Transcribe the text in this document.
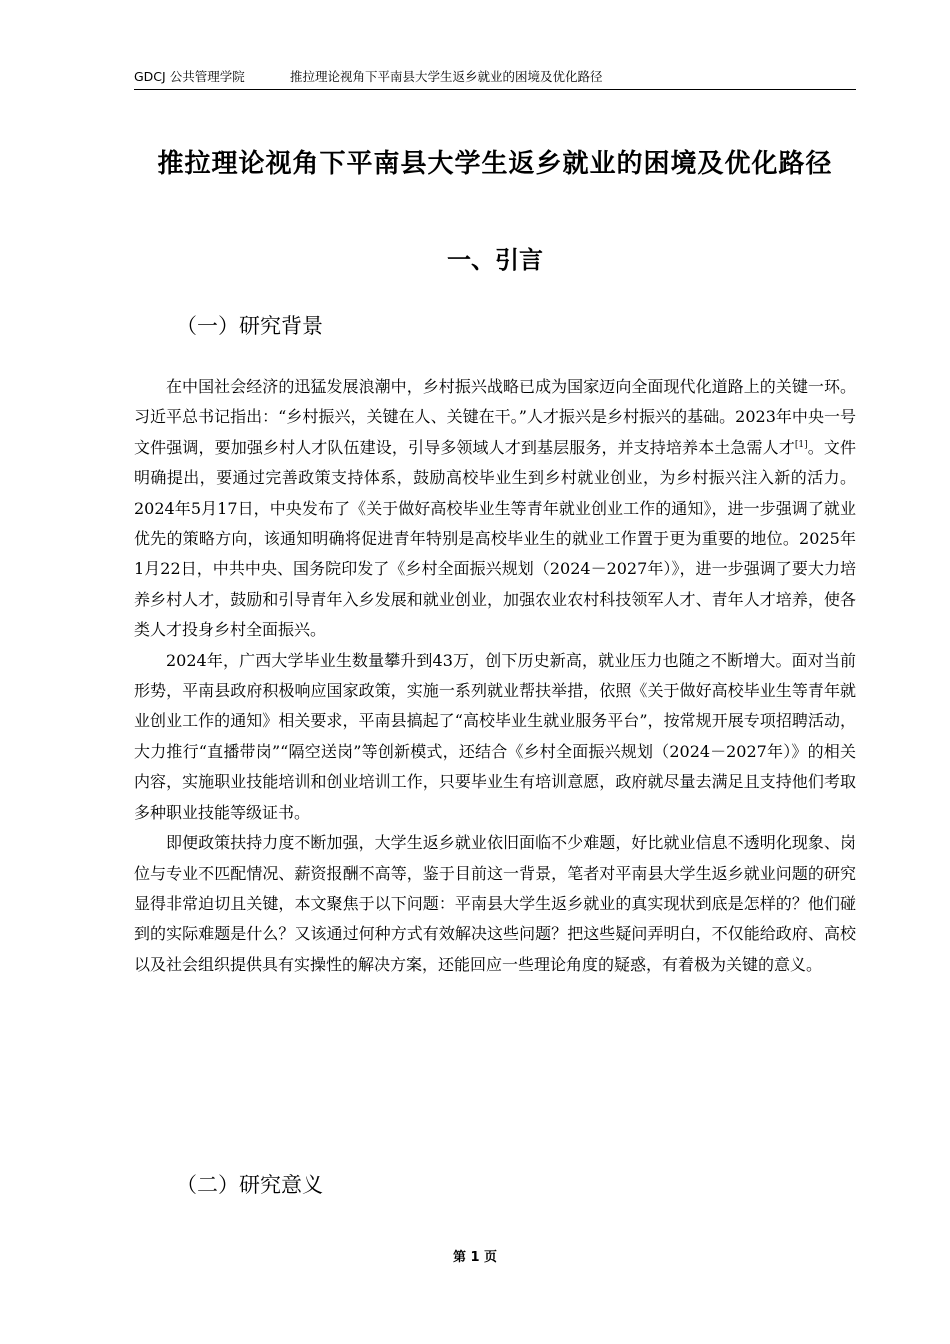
GDCJ 公共管理学院	推拉理论视角下平南县大学生返乡就业的困境及优化路径
推拉理论视角下平南县大学生返乡就业的困境及优化路径
一、引言
（一）研究背景

在中国社会经济的迅猛发展浪潮中，乡村振兴战略已成为国家迈向全面现代化道路上的关键一环。习近平总书记指出：“乡村振兴，关键在人、关键在干。”人才振兴是乡村振兴的基础。2023年中央一号文件强调，要加强乡村人才队伍建设，引导多领域人才到基层服务，并支持培养本土急需人才[1]。文件明确提出，要通过完善政策支持体系，鼓励高校毕业生到乡村就业创业，为乡村振兴注入新的活力。2024年5月17日，中央发布了《关于做好高校毕业生等青年就业创业工作的通知》，进一步强调了就业优先的策略方向，该通知明确将促进青年特别是高校毕业生的就业工作置于更为重要的地位。2025年1月22日，中共中央、国务院印发了《乡村全面振兴规划（2024－2027年）》，进一步强调了要大力培养乡村人才，鼓励和引导青年入乡发展和就业创业，加强农业农村科技领军人才、青年人才培养，使各类人才投身乡村全面振兴。

2024年，广西大学毕业生数量攀升到43万，创下历史新高，就业压力也随之不断增大。面对当前形势，平南县政府积极响应国家政策，实施一系列就业帮扶举措，依照《关于做好高校毕业生等青年就业创业工作的通知》相关要求，平南县搞起了“高校毕业生就业服务平台”，按常规开展专项招聘活动，大力推行“直播带岗”“隔空送岗”等创新模式，还结合《乡村全面振兴规划（2024－2027年）》的相关内容，实施职业技能培训和创业培训工作，只要毕业生有培训意愿，政府就尽量去满足且支持他们考取多种职业技能等级证书。

即便政策扶持力度不断加强，大学生返乡就业依旧面临不少难题，好比就业信息不透明化现象、岗位与专业不匹配情况、薪资报酬不高等，鉴于目前这一背景，笔者对平南县大学生返乡就业问题的研究显得非常迫切且关键，本文聚焦于以下问题：平南县大学生返乡就业的真实现状到底是怎样的？他们碰到的实际难题是什么？又该通过何种方式有效解决这些问题？把这些疑问弄明白，不仅能给政府、高校以及社会组织提供具有实操性的解决方案，还能回应一些理论角度的疑惑，有着极为关键的意义。

（二）研究意义
第 1 页
